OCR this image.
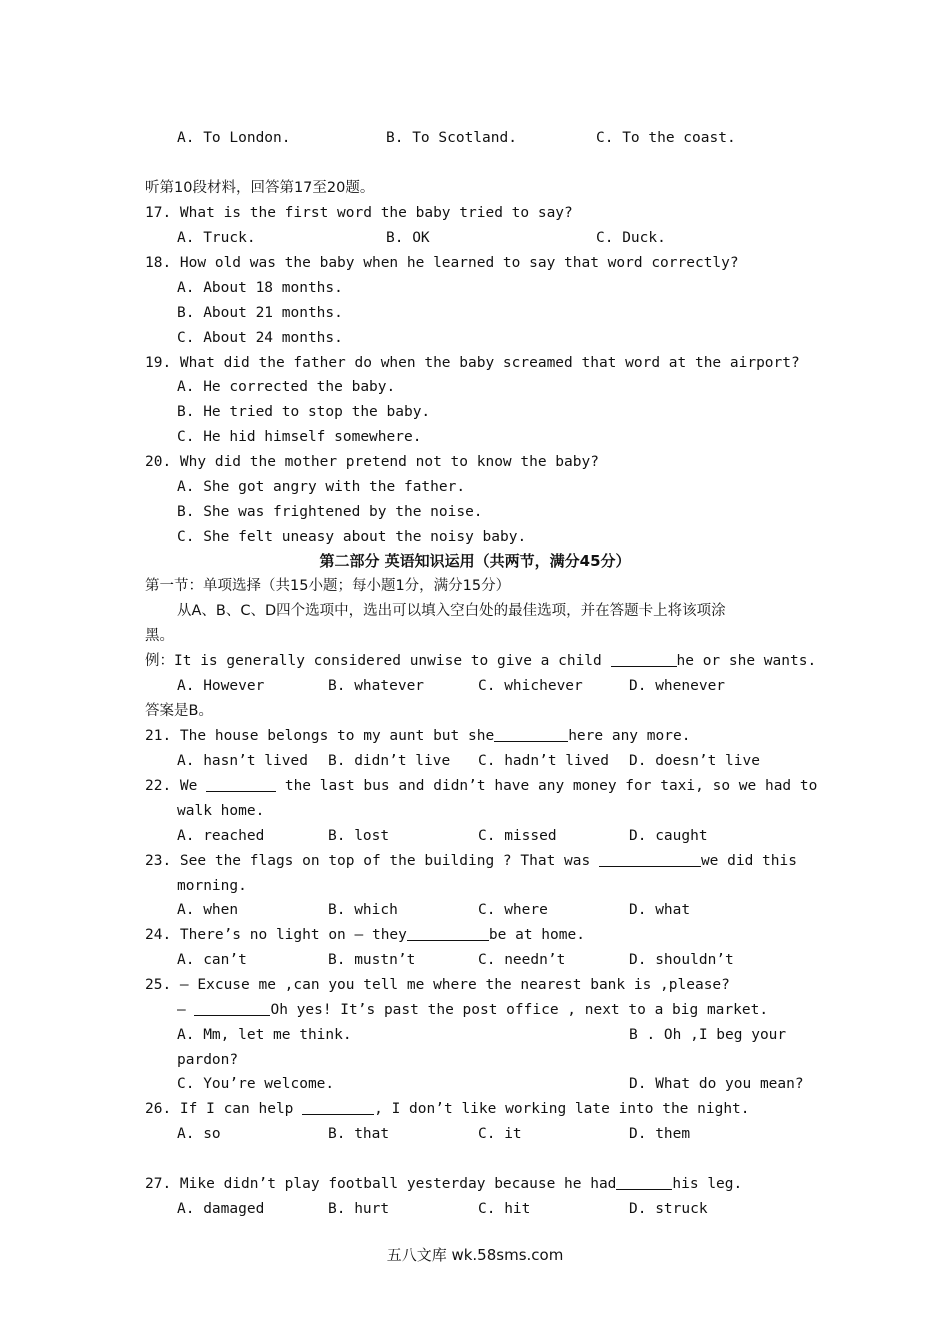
A. To London.	B. To Scotland.	C. To the coast.
听第10段材料，回答第17至20题。
17. What is the first word the baby tried to say?
A. Truck.	B. OK	C. Duck.
18. How old was the baby when he learned to say that word correctly?
A. About 18 months.
B. About 21 months.
C. About 24 months.
19. What did the father do when the baby screamed that word at the airport?
A. He corrected the baby.
B. He tried to stop the baby.
C. He hid himself somewhere.
20. Why did the mother pretend not to know the baby?
A. She got angry with the father.
B. She was frightened by the noise.
C. She felt uneasy about the noisy baby.
第二部分 英语知识运用（共两节，满分45分）
第一节：单项选择（共15小题；每小题1分，满分15分）
从A、B、C、D四个选项中，选出可以填入空白处的最佳选项，并在答题卡上将该项涂
黑。
例：It is generally considered unwise to give a child	he or she wants.
A. However	B. whatever	C. whichever	D. whenever
答案是B。
21. The house belongs to my aunt but she	here any more.
A. hasn’t lived B. didn’t live C. hadn’t lived D. doesn’t live
22. We	the last bus and didn’t have any money for taxi, so we had to
walk home.
A. reached	B. lost	C. missed	D. caught
23. See the flags on top of the building ? That was	we did this
morning.
A. when	B. which	C. where	D. what
24. There’s no light on — they	be at home.
A. can’t	B. mustn’t	C. needn’t	D. shouldn’t
25. — Excuse me ,can you tell me where the nearest bank is ,please?
—	Oh yes! It’s past the post office , next to a big market.
A. Mm, let me think.	B . Oh ,I beg your
pardon?
C. You’re welcome.	D. What do you mean?
26. If I can help	, I don’t like working late into the night.
A. so	B. that	C. it	D. them
27. Mike didn’t play football yesterday because he had	his leg.
A. damaged	B. hurt	C. hit	D. struck
五八文库 wk.58sms.com
